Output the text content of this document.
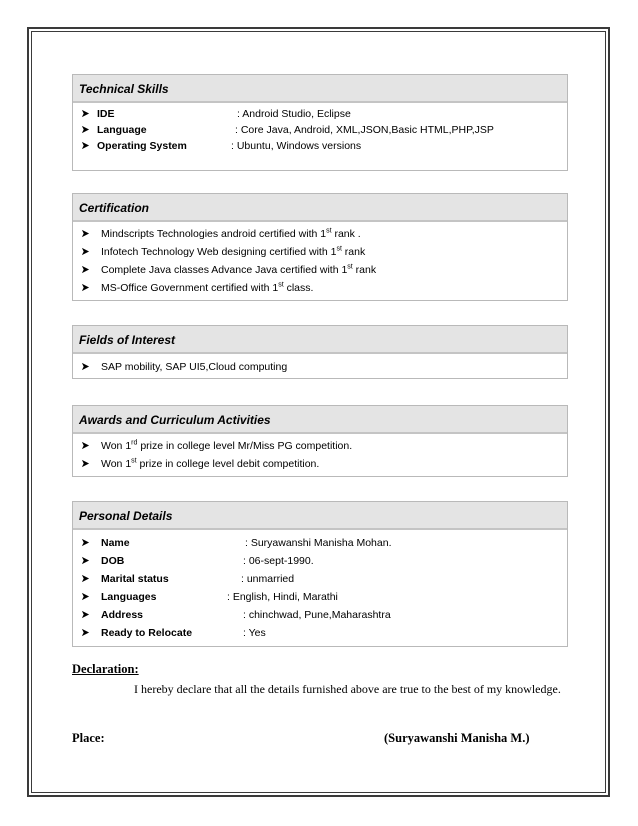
Technical Skills
IDE	: Android Studio, Eclipse
Language	: Core Java, Android, XML,JSON,Basic HTML,PHP,JSP
Operating System	: Ubuntu, Windows versions
Certification
Mindscripts Technologies android certified with 1st rank .
Infotech Technology Web designing certified with 1st rank
Complete Java classes Advance Java certified with 1st rank
MS-Office Government certified with 1st class.
Fields of Interest
SAP mobility, SAP UI5,Cloud computing
Awards and Curriculum Activities
Won 1rd prize in college level Mr/Miss PG competition.
Won 1st prize in college level debit competition.
Personal Details
Name	: Suryawanshi Manisha Mohan.
DOB	: 06-sept-1990.
Marital status	: unmarried
Languages	: English, Hindi, Marathi
Address	: chinchwad, Pune,Maharashtra
Ready to Relocate	: Yes
Declaration:
I hereby declare that all the details furnished above are true to the best of my knowledge.
Place:	(Suryawanshi Manisha M.)
